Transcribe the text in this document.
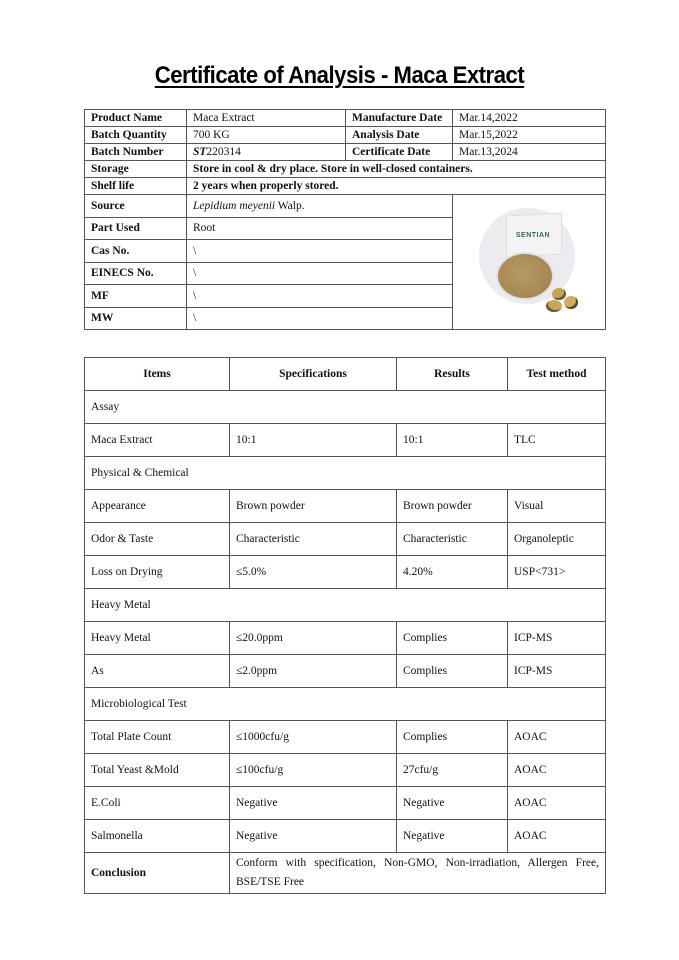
Certificate of Analysis - Maca Extract
Product Name	Maca Extract	Manufacture Date	Mar.14,2022
Batch Quantity	700 KG	Analysis Date	Mar.15,2022
Batch Number	ST220314	Certificate Date	Mar.13,2024
Storage	Store in cool & dry place. Store in well-closed containers.		
Shelf life	2 years when properly stored.		
Source	Lepidium meyenii Walp.		SENTIAN

Part Used	Root		
Cas No.	\		
EINECS No.	\		
MF	\		
MW	\		
Items	Specifications	Results	Test method
Assay			
Maca Extract	10:1	10:1	TLC
Physical & Chemical			
Appearance	Brown powder	Brown powder	Visual
Odor & Taste	Characteristic	Characteristic	Organoleptic
Loss on Drying	≤5.0%	4.20%	USP<731>
Heavy Metal			
Heavy Metal	≤20.0ppm	Complies	ICP-MS
As	≤2.0ppm	Complies	ICP-MS
Microbiological Test			
Total Plate Count	≤1000cfu/g	Complies	AOAC
Total Yeast &Mold	≤100cfu/g	27cfu/g	AOAC
E.Coli	Negative	Negative	AOAC
Salmonella	Negative	Negative	AOAC
Conclusion	Conform with specification, Non-GMO, Non-irradiation, Allergen Free, BSE/TSE Free		
